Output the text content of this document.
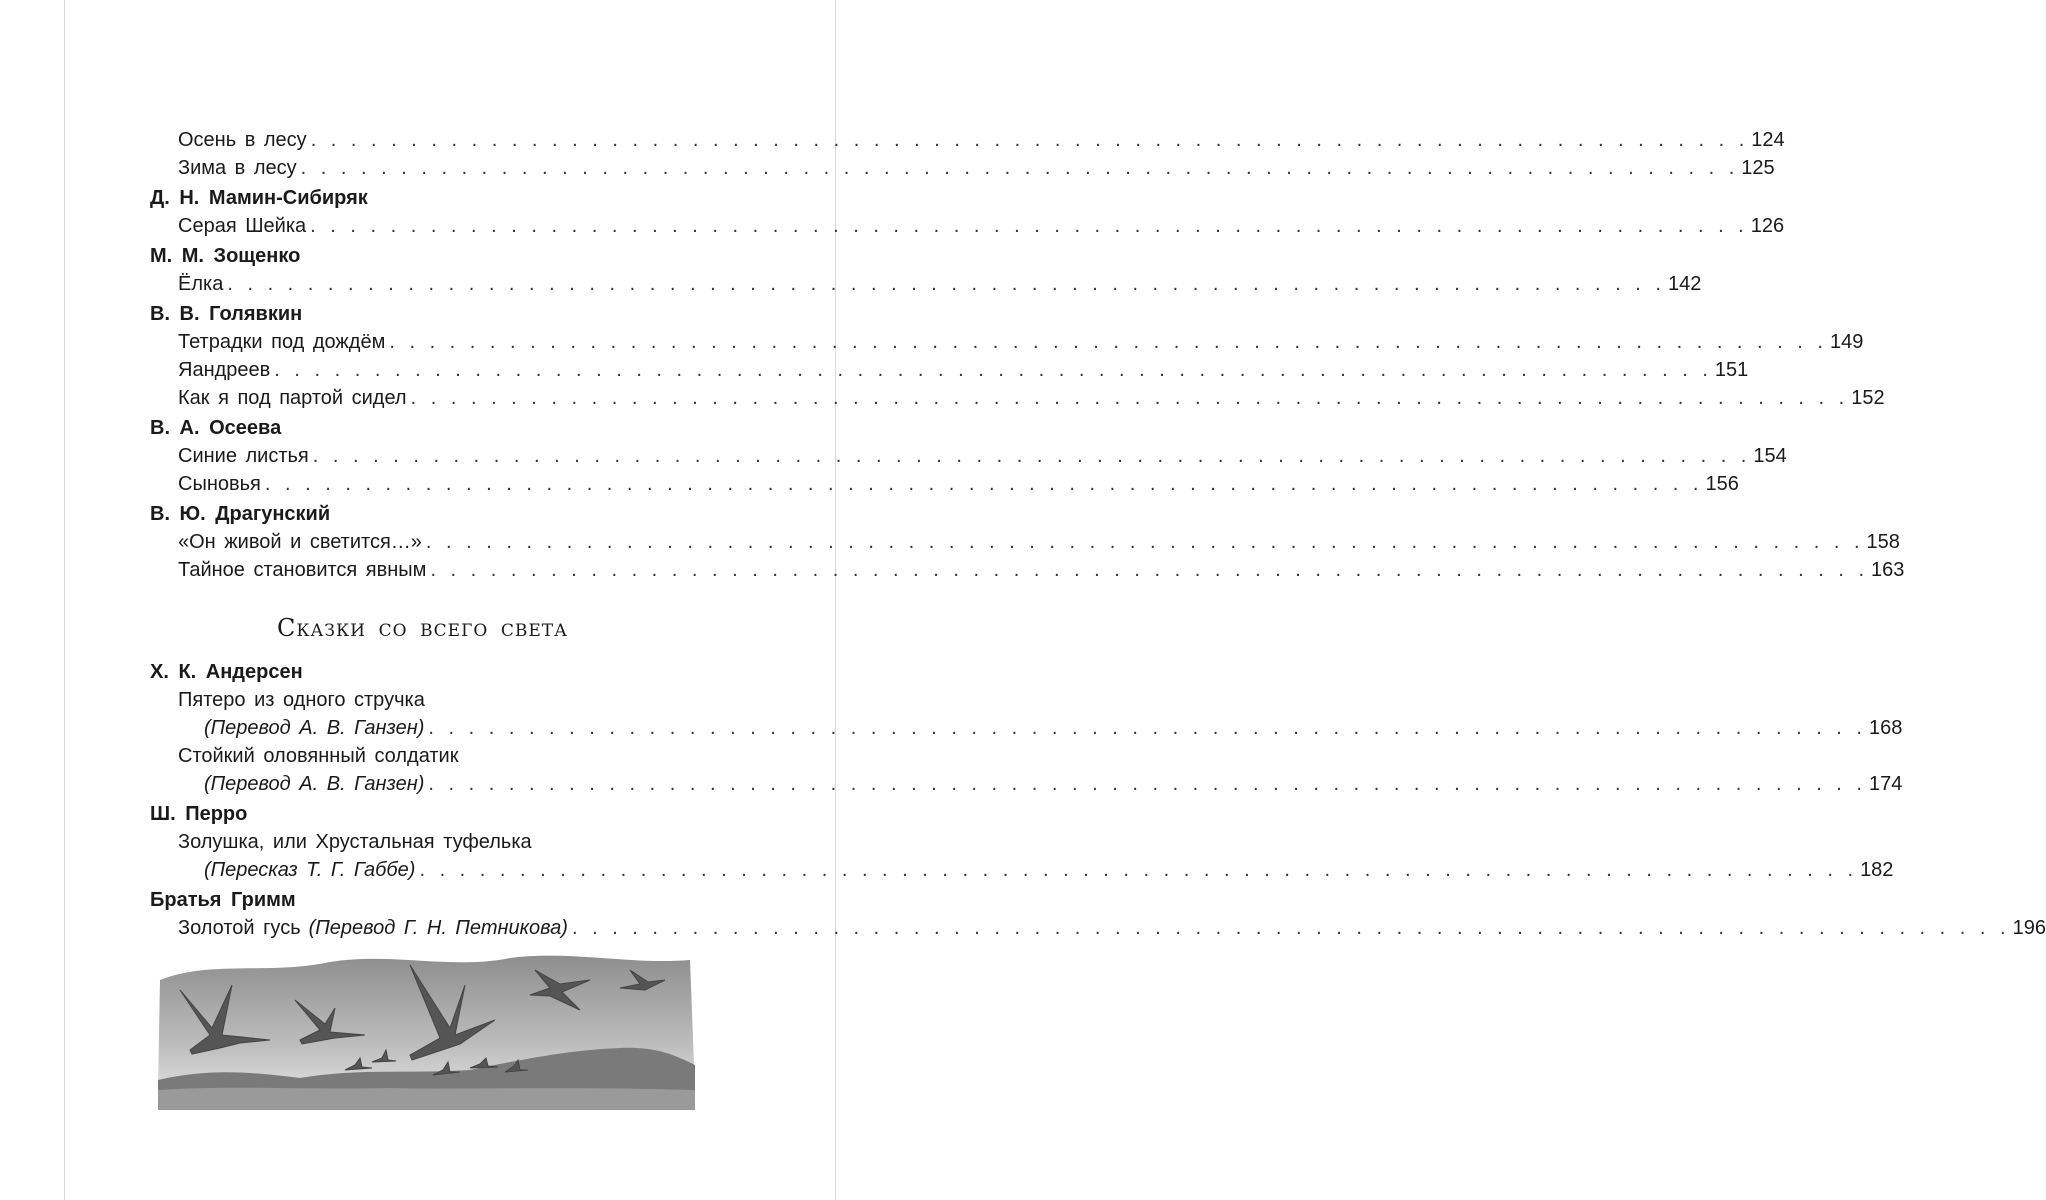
Осень в лесу . . . . . . . . . . . . . . . . . . . . . . . . . . . . . . . . . . . . . . . . . . . . . . . . . . . . . . . . . . . . . . . . . . . . . . . . 124
Зима в лесу . . . . . . . . . . . . . . . . . . . . . . . . . . . . . . . . . . . . . . . . . . . . . . . . . . . . . . . . . . . . . . . . . . . . . . . . 125
Д. Н. Мамин-Сибиряк
Серая Шейка . . . . . . . . . . . . . . . . . . . . . . . . . . . . . . . . . . . . . . . . . . . . . . . . . . . . . . . . . . . . . . . . . . . . . . . . 126
М. М. Зощенко
Ёлка . . . . . . . . . . . . . . . . . . . . . . . . . . . . . . . . . . . . . . . . . . . . . . . . . . . . . . . . . . . . . . . . . . . . . . . . 142
В. В. Голявкин
Тетрадки под дождём . . . . . . . . . . . . . . . . . . . . . . . . . . . . . . . . . . . . . . . . . . . . . . . . . . . . . . . . . . . . . . . . . . . . . . . . 149
Яандреев . . . . . . . . . . . . . . . . . . . . . . . . . . . . . . . . . . . . . . . . . . . . . . . . . . . . . . . . . . . . . . . . . . . . . . . . 151
Как я под партой сидел . . . . . . . . . . . . . . . . . . . . . . . . . . . . . . . . . . . . . . . . . . . . . . . . . . . . . . . . . . . . . . . . . . . . . . . . 152
В. А. Осеева
Синие листья . . . . . . . . . . . . . . . . . . . . . . . . . . . . . . . . . . . . . . . . . . . . . . . . . . . . . . . . . . . . . . . . . . . . . . . . 154
Сыновья . . . . . . . . . . . . . . . . . . . . . . . . . . . . . . . . . . . . . . . . . . . . . . . . . . . . . . . . . . . . . . . . . . . . . . . . 156
В. Ю. Драгунский
«Он живой и светится…» . . . . . . . . . . . . . . . . . . . . . . . . . . . . . . . . . . . . . . . . . . . . . . . . . . . . . . . . . . . . . . . . . . . . . . . . 158
Тайное становится явным . . . . . . . . . . . . . . . . . . . . . . . . . . . . . . . . . . . . . . . . . . . . . . . . . . . . . . . . . . . . . . . . . . . . . . . . 163
Сказки со всего света
Х. К. Андерсен
Пятеро из одного стручка
(Перевод А. В. Ганзен) . . . . . . . . . . . . . . . . . . . . . . . . . . . . . . . . . . . . . . . . . . . . . . . . . . . . . . . . . . . . . . . . . . . . . . . . 168
Стойкий оловянный солдатик
(Перевод А. В. Ганзен) . . . . . . . . . . . . . . . . . . . . . . . . . . . . . . . . . . . . . . . . . . . . . . . . . . . . . . . . . . . . . . . . . . . . . . . . 174
Ш. Перро
Золушка, или Хрустальная туфелька
(Пересказ Т. Г. Габбе) . . . . . . . . . . . . . . . . . . . . . . . . . . . . . . . . . . . . . . . . . . . . . . . . . . . . . . . . . . . . . . . . . . . . . . . . 182
Братья Гримм
Золотой гусь (Перевод Г. Н. Петникова) . . . . . . . . . . . . . . . . . . . . . . . . . . . . . . . . . . . . . . . . . . . . . . . . . . . . . . . . . . . . . . . . . . . . . . . . 196
